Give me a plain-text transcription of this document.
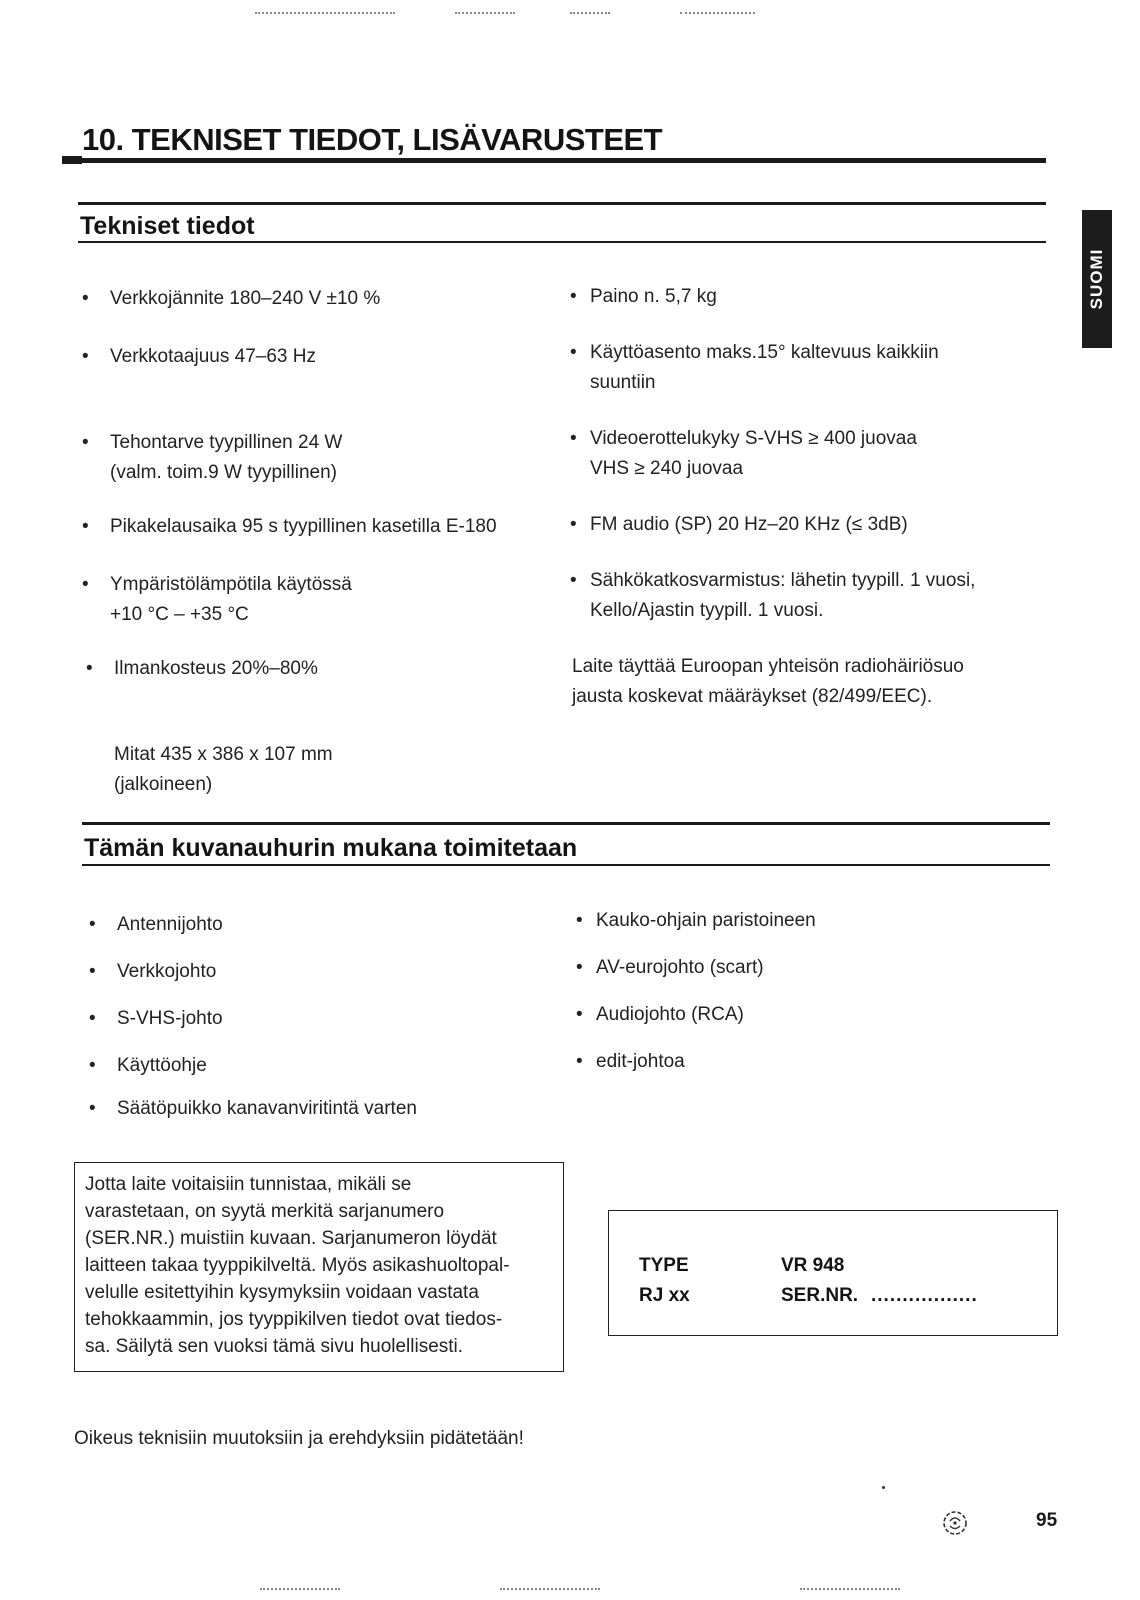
10. TEKNISET TIEDOT, LISÄVARUSTEET
SUOMI
Tekniset tiedot
• Verkkojännite 180–240 V ±10 %
• Verkkotaajuus 47–63 Hz
• Tehontarve tyypillinen 24 W
(valm. toim.9 W tyypillinen)
• Pikakelausaika 95 s tyypillinen kasetilla E-180
• Ympäristölämpötila käytössä
+10 °C – +35 °C
• Ilmankosteus 20%–80%
Mitat 435 x 386 x 107 mm
(jalkoineen)
• Paino n. 5,7 kg
• Käyttöasento maks.15° kaltevuus kaikkiin
suuntiin
• Videoerottelukyky S-VHS ≥ 400 juovaa
VHS ≥ 240 juovaa
• FM audio (SP) 20 Hz–20 KHz (≤ 3dB)
• Sähkökatkosvarmistus: lähetin tyypill. 1 vuosi,
Kello/Ajastin tyypill. 1 vuosi.
Laite täyttää Euroopan yhteisön radiohäiriösuo
jausta koskevat määräykset (82/499/EEC).
Tämän kuvanauhurin mukana toimitetaan
• Antennijohto
• Verkkojohto
• S-VHS-johto
• Käyttöohje
• Säätöpuikko kanavanviritintä varten
• Kauko-ohjain paristoineen
• AV-eurojohto (scart)
• Audiojohto (RCA)
• edit-johtoa
Jotta laite voitaisiin tunnistaa, mikäli se
varastetaan, on syytä merkitä sarjanumero
(SER.NR.) muistiin kuvaan. Sarjanumeron löydät
laitteen takaa tyyppikilveltä. Myös asikashuoltopal-
velulle esitettyihin kysymyksiin voidaan vastata
tehokkaammin, jos tyyppikilven tiedot ovat tiedos-
sa. Säilytä sen vuoksi tämä sivu huolellisesti.
TYPE	VR 948
RJ xx	SER.NR. .................
Oikeus teknisiin muutoksiin ja erehdyksiin pidätetään!
95
